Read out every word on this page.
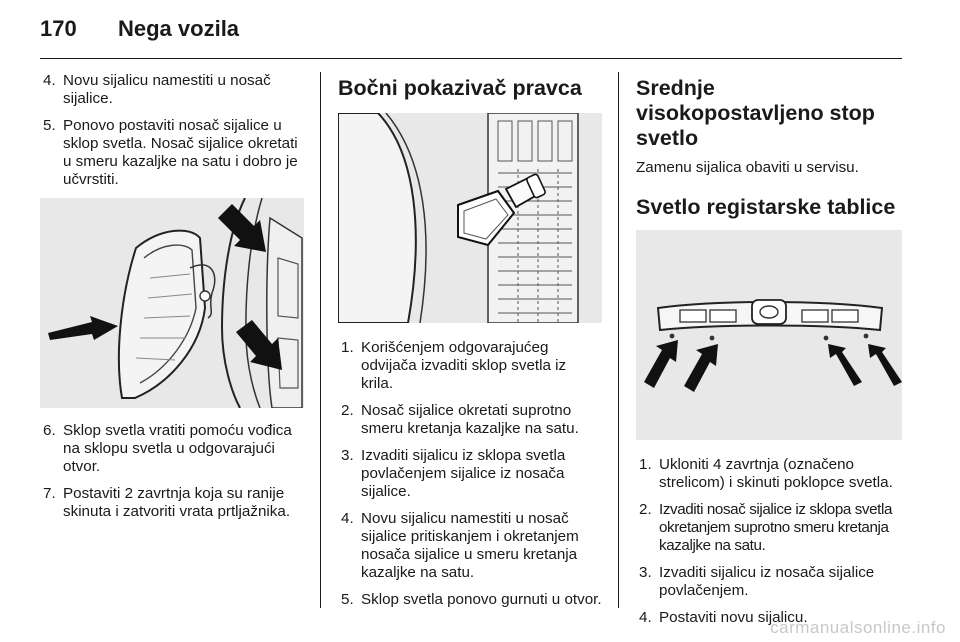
170	Nega vozila
4. Novu sijalicu namestiti u nosač sijalice.
5. Ponovo postaviti nosač sijalice u sklop svetla. Nosač sijalice okretati u smeru kazaljke na satu i dobro je učvrstiti.
6. Sklop svetla vratiti pomoću vođica na sklopu svetla u odgovarajući otvor.
7. Postaviti 2 zavrtnja koja su ranije skinuta i zatvoriti vrata prtljažnika.
Bočni pokazivač pravca
1. Korišćenjem odgovarajućeg odvijača izvaditi sklop svetla iz krila.
2. Nosač sijalice okretati suprotno smeru kretanja kazaljke na satu.
3. Izvaditi sijalicu iz sklopa svetla povlačenjem sijalice iz nosača sijalice.
4. Novu sijalicu namestiti u nosač sijalice pritiskanjem i okretanjem nosača sijalice u smeru kretanja kazaljke na satu.
5. Sklop svetla ponovo gurnuti u otvor.
Srednje visokopostavljeno stop svetlo

Zamenu sijalica obaviti u servisu.

Svetlo registarske tablice
1. Ukloniti 4 zavrtnja (označeno strelicom) i skinuti poklopce svetla.
2. Izvaditi nosač sijalice iz sklopa svetla okretanjem suprotno smeru kretanja kazaljke na satu.
3. Izvaditi sijalicu iz nosača sijalice povlačenjem.
4. Postaviti novu sijalicu.
carmanualsonline.info
